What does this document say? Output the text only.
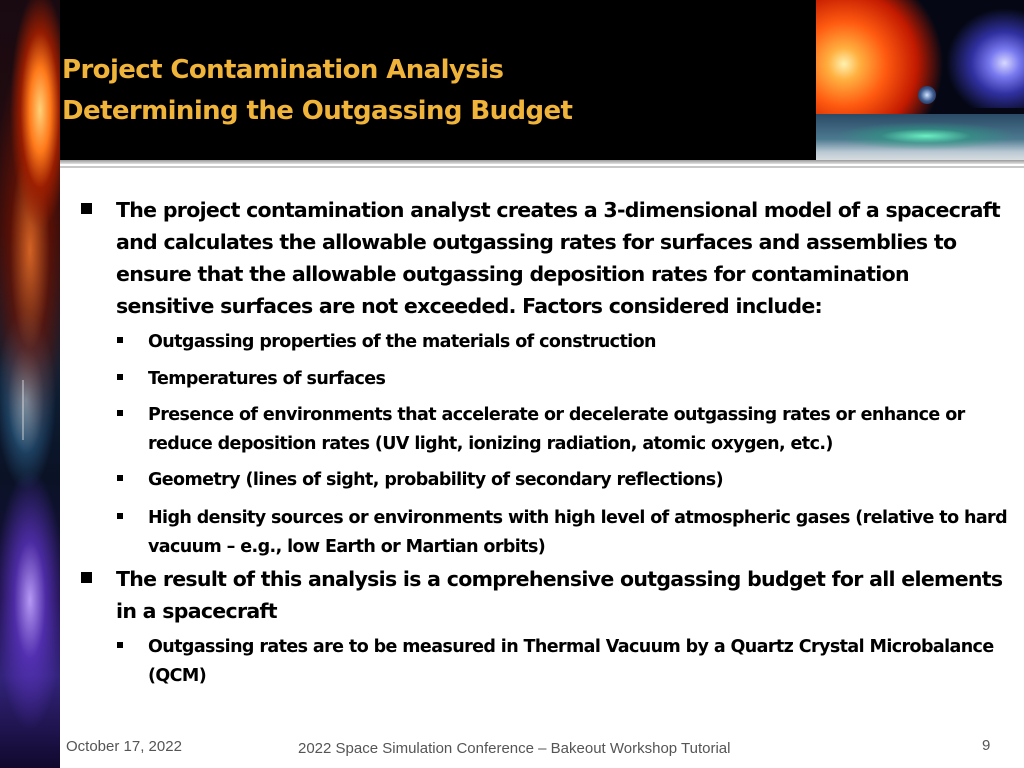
Project Contamination Analysis
Determining the Outgassing Budget
The project contamination analyst creates a 3-dimensional model of a spacecraft and calculates the allowable outgassing rates for surfaces and assemblies to ensure that the allowable outgassing deposition rates for contamination sensitive surfaces are not exceeded. Factors considered include:
Outgassing properties of the materials of construction
Temperatures of surfaces
Presence of environments that accelerate or decelerate outgassing rates or enhance or reduce deposition rates (UV light, ionizing radiation, atomic oxygen, etc.)
Geometry (lines of sight, probability of secondary reflections)
High density sources or environments with high level of atmospheric gases (relative to hard vacuum – e.g., low Earth or Martian orbits)
The result of this analysis is a comprehensive outgassing budget for all elements in a spacecraft
Outgassing rates are to be measured in Thermal Vacuum by a Quartz Crystal Microbalance (QCM)
October 17, 2022	2022 Space Simulation Conference – Bakeout Workshop Tutorial	9
